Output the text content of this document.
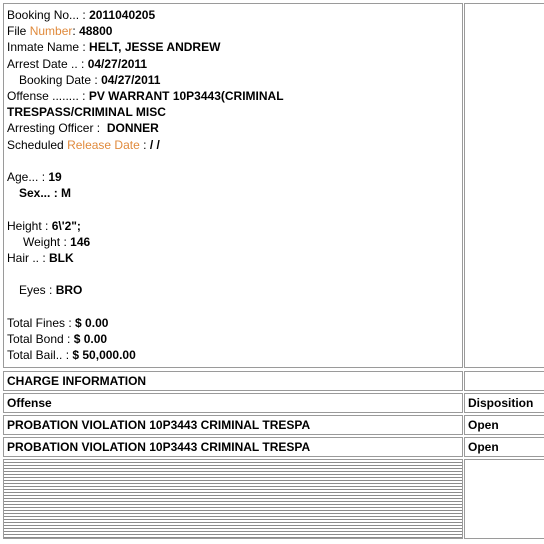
Booking No... : 2011040205
File Number: 48800
Inmate Name : HELT, JESSE ANDREW
Arrest Date .. : 04/27/2011
Booking Date : 04/27/2011
Offense ........ : PV WARRANT 10P3443(CRIMINAL
TRESPASS/CRIMINAL MISC
Arresting Officer : DONNER
Scheduled Release Date : / /
Age... : 19
Sex... : M
Height : 6\'2";
Weight : 146
Hair .. : BLK
Eyes : BRO
Total Fines : $ 0.00
Total Bond : $ 0.00
Total Bail.. : $ 50,000.00
CHARGE INFORMATION
Offense	Disposition
PROBATION VIOLATION 10P3443 CRIMINAL TRESPA	Open
PROBATION VIOLATION 10P3443 CRIMINAL TRESPA	Open
